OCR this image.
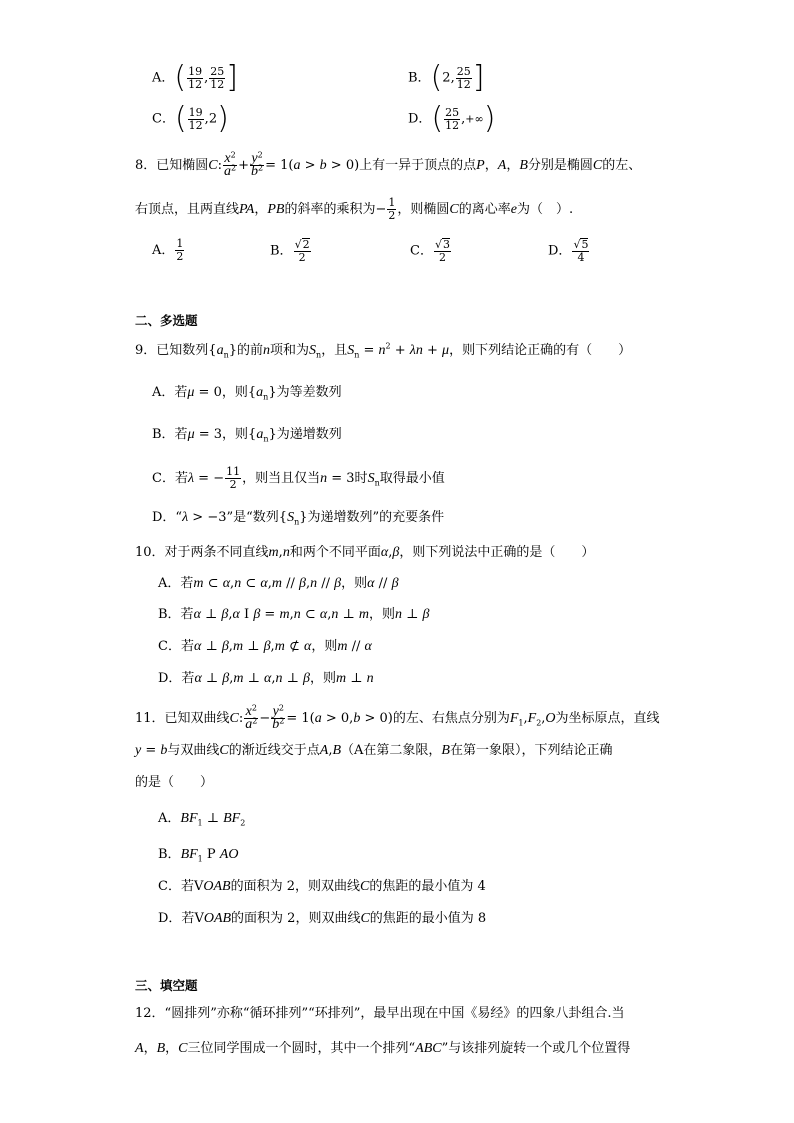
A．( $\frac{19}{12}$ , $\frac{25}{12}$ ]	B．(2, $\frac{25}{12}$ ]
C．( $\frac{19}{12} ,2$)	D．( $\frac{25}{12}$ ,+∞)
8．已知椭圆C: $\frac{x^2}{a^2} + \frac{y^2}{b^2} = 1(a > b > 0)$上有一异于顶点的点P，A，B分别是椭圆C的左、
右顶点，且两直线PA，PB的斜率的乘积为− $\frac{1}{2}$ ，则椭圆C的离心率e为（　）.
A． $\frac{1}{2}$	B． $\frac{√2}{2}$	C． $\frac{√3}{2}$	D． $\frac{√5}{4}$
二、多选题
9．已知数列$\{a_n\}$的前n项和为$S_n$，且$S_n = n^2 + \lambda n + \mu$，则下列结论正确的有（　　）
A．若μ = 0，则$\{a_n\}$为等差数列
B．若μ = 3，则$\{a_n\}$为递增数列
C．若λ = − $\frac{11}{2}$ ，则当且仅当n = 3时$S_n$取得最小值
D．“λ > −3”是“数列$\{S_n\}$为递增数列”的充要条件
10．对于两条不同直线m,n和两个不同平面α,β，则下列说法中正确的是（　　）
A．若m ⊂ α,n ⊂ α,m // β,n // β，则α // β
B．若α ⊥ β,α I β = m,n ⊂ α,n ⊥ m，则n ⊥ β
C．若α ⊥ β,m ⊥ β,m ⊄ α，则m // α
D．若α ⊥ β,m ⊥ α,n ⊥ β，则m ⊥ n
11．已知双曲线C: $\frac{x^2}{a^2} - \frac{y^2}{b^2} = 1(a > 0,b > 0)$的左、右焦点分别为$F_1,F_2,O$为坐标原点，直线
y = b与双曲线C的渐近线交于点A,B（A在第二象限，B在第一象限），下列结论正确
的是（　　）
A．$BF_1$ ⊥ $BF_2$
B．$BF_1$ P AO
C．若VOAB的面积为 2，则双曲线C的焦距的最小值为 4
D．若VOAB的面积为 2，则双曲线C的焦距的最小值为 8
三、填空题
12．“圆排列”亦称“循环排列”“环排列”，最早出现在中国《易经》的四象八卦组合.当
A，B，C三位同学围成一个圆时，其中一个排列“ABC”与该排列旋转一个或几个位置得
